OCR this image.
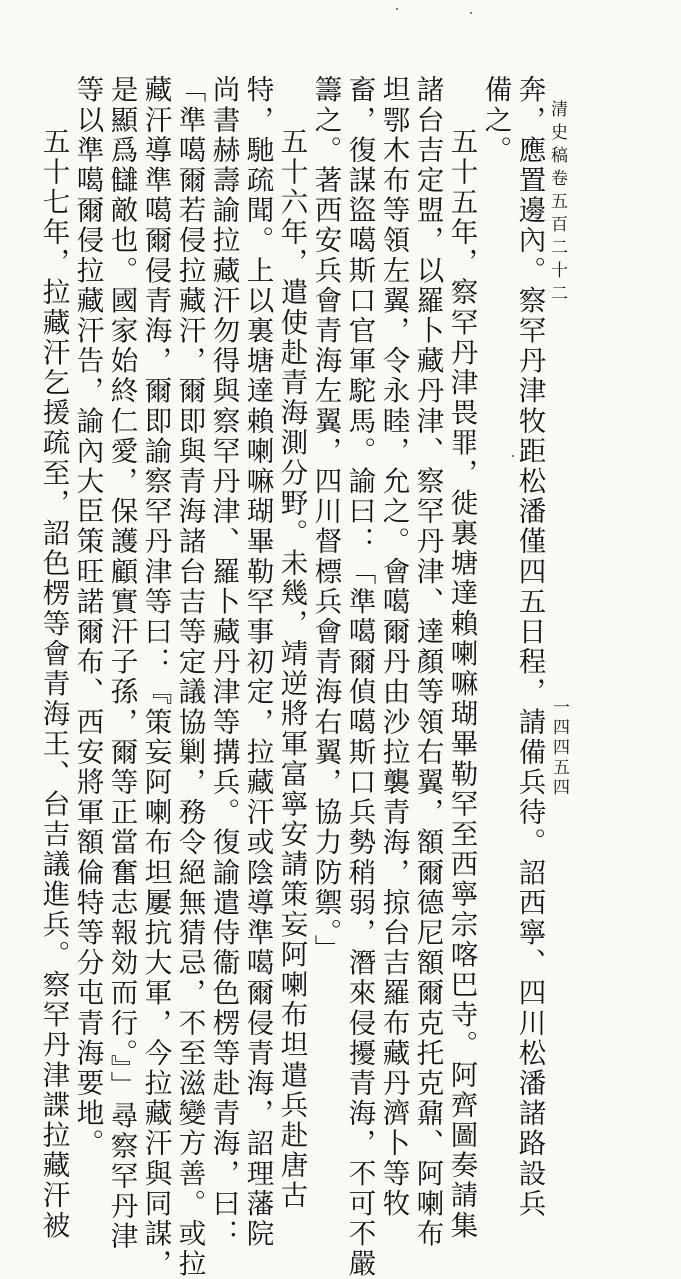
清史稿卷五百二十二
一四四五四
奔，應置邊內。察罕丹津牧距松潘僅四五日程，請備兵待。詔西寧、四川松潘諸路設兵
備之。
五十五年，察罕丹津畏罪，徙裏塘達賴喇嘛瑚畢勒罕至西寧宗喀巴寺。阿齊圖奏請集
諸台吉定盟，以羅卜藏丹津、察罕丹津、達顏等領右翼，額爾德尼額爾克托克鼐、阿喇布
坦鄂木布等領左翼，令永睦，允之。會噶爾丹由沙拉襲青海，掠台吉羅布藏丹濟卜等牧
畜，復謀盜噶斯口官軍駝馬。諭曰：「準噶爾偵噶斯口兵勢稍弱，潛來侵擾青海，不可不嚴
籌之。著西安兵會青海左翼，四川督標兵會青海右翼，協力防禦。」
五十六年，遣使赴青海測分野。未幾，靖逆將軍富寧安請策妄阿喇布坦遣兵赴唐古
特，馳疏聞。上以裏塘達賴喇嘛瑚畢勒罕事初定，拉藏汗或陰導準噶爾侵青海，詔理藩院
尚書赫壽諭拉藏汗勿得與察罕丹津、羅卜藏丹津等搆兵。復諭遣侍衞色楞等赴青海，曰：
「準噶爾若侵拉藏汗，爾即與青海諸台吉等定議協剿，務令絕無猜忌，不至滋變方善。或拉
藏汗導準噶爾侵青海，爾即諭察罕丹津等曰：『策妄阿喇布坦屢抗大軍，今拉藏汗與同謀，
是顯爲讎敵也。國家始終仁愛，保護顧實汗子孫，爾等正當奮志報効而行。』」尋察罕丹津
等以準噶爾侵拉藏汗告，諭內大臣策旺諾爾布、西安將軍額倫特等分屯青海要地。
五十七年，拉藏汗乞援疏至，詔色楞等會青海王、台吉議進兵。察罕丹津諜拉藏汗被
